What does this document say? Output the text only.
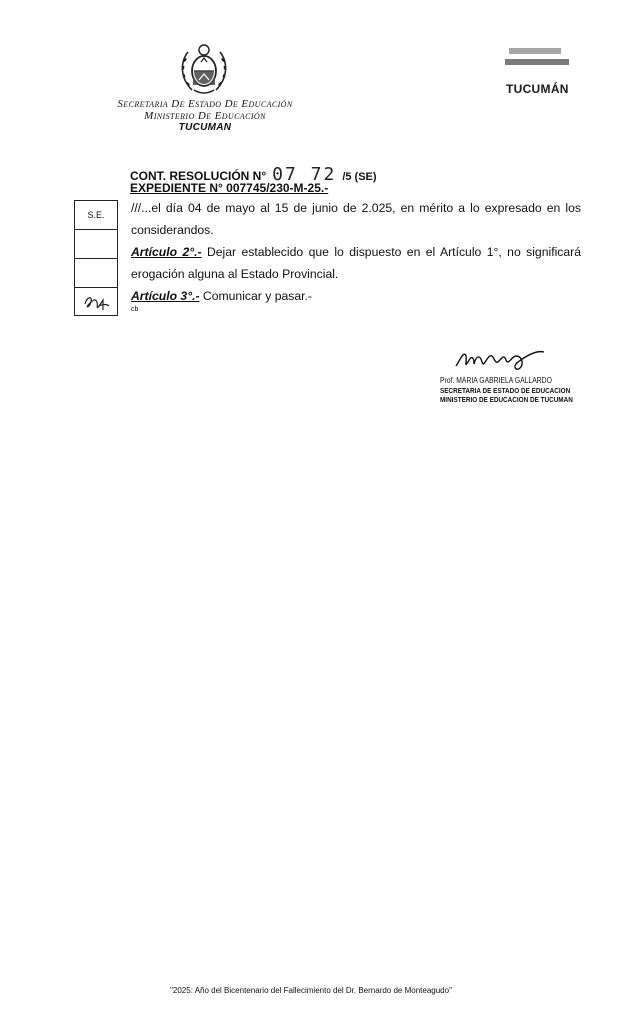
Secretaria De Estado De Educación
Ministerio De Educación
TUCUMAN
TUCUMÁN
CONT. RESOLUCIÓN N° 07 72 /5 (SE)
EXPEDIENTE N° 007745/230-M-25.-
S.E.	///...el día 04 de mayo al 15 de junio de 2.025, en mérito a lo expresado en los considerandos.

Artículo 2°.- Dejar establecido que lo dispuesto en el Artículo 1°, no significará erogación alguna al Estado Provincial.

Artículo 3°.- Comunicar y pasar.-

cb
Prof. MARIA GABRIELA GALLARDO
SECRETARIA DE ESTADO DE EDUCACION
MINISTERIO DE EDUCACION DE TUCUMAN
"2025: Año del Bicentenario del Fallecimiento del Dr. Bernardo de Monteagudo"
